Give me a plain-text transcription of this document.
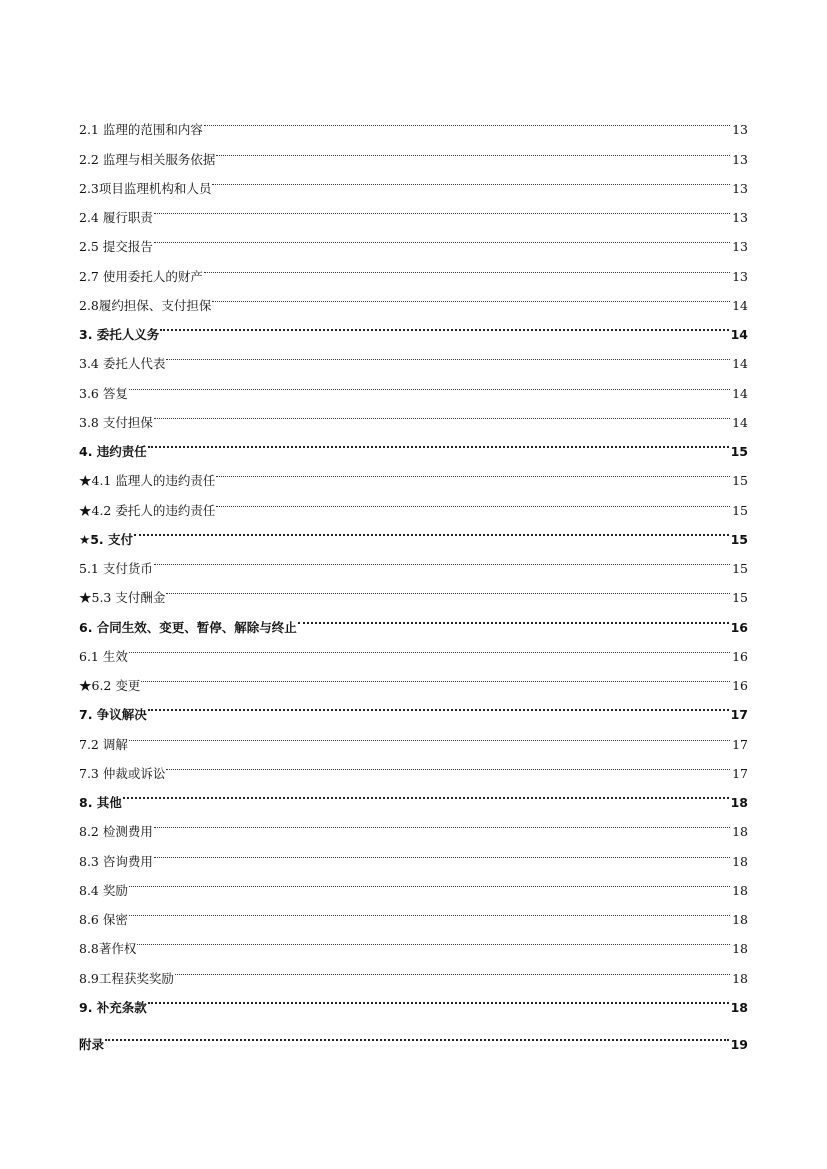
2.1 监理的范围和内容	13
2.2 监理与相关服务依据	13
2.3项目监理机构和人员	13
2.4 履行职责	13
2.5 提交报告	13
2.7 使用委托人的财产	13
2.8履约担保、支付担保	14
3. 委托人义务	14
3.4 委托人代表	14
3.6 答复	14
3.8 支付担保	14
4. 违约责任	15
★4.1 监理人的违约责任	15
★4.2 委托人的违约责任	15
★5. 支付	15
5.1 支付货币	15
★5.3 支付酬金	15
6. 合同生效、变更、暂停、解除与终止	16
6.1 生效	16
★6.2 变更	16
7. 争议解决	17
7.2 调解	17
7.3 仲裁或诉讼	17
8. 其他	18
8.2 检测费用	18
8.3 咨询费用	18
8.4 奖励	18
8.6 保密	18
8.8著作权	18
8.9工程获奖奖励	18
9. 补充条款	18
附录	19
